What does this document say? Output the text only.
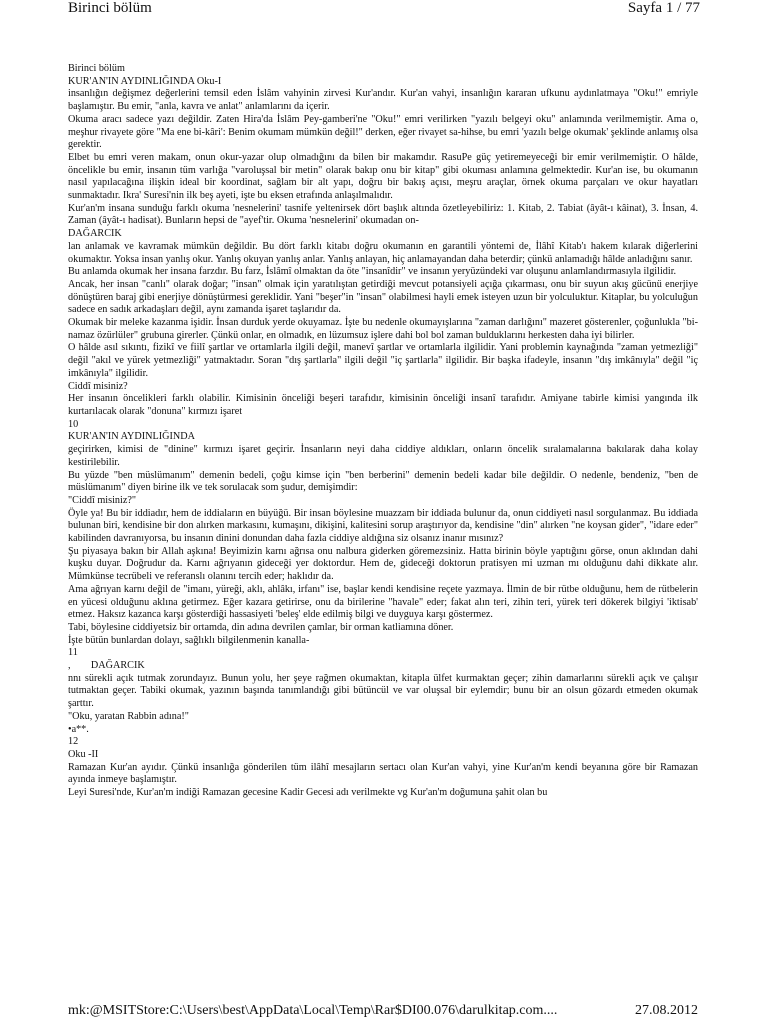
Birinci bölüm	Sayfa 1 / 77

Birinci bölüm

KUR'AN'IN AYDINLIĞINDA Oku-I

insanlığın değişmez değerlerini temsil eden İslâm vahyinin zirvesi Kur'andır. Kur'an vahyi, insanlığın kararan ufkunu aydınlatmaya "Oku!" emriyle başlamıştır. Bu emir, "anla, kavra ve anlat" anlamlarını da içerir.

Okuma aracı sadece yazı değildir. Zaten Hira'da İslâm Pey-gamberi'ne "Oku!" emri verilirken "yazılı belgeyi oku" anlamında verilmemiştir. Ama o, meşhur rivayete göre "Ma ene bi-kâri': Benim okumam mümkün değil!" derken, eğer rivayet sa-hihse, bu emri 'yazılı belge okumak' şeklinde anlamış olsa gerektir.

Elbet bu emri veren makam, onun okur-yazar olup olmadığını da bilen bir makamdır. RasuPe güç yetiremeyeceği bir emir verilmemiştir. O hâlde, öncelikle bu emir, insanın tüm varlığa "varoluşsal bir metin" olarak bakıp onu bir kitap" gibi okuması anlamına gelmektedir. Kur'an ise, bu okumanın nasıl yapılacağına ilişkin ideal bir koordinat, sağlam bir alt yapı, doğru bir bakış açısı, meşru araçlar, örnek okuma parçaları ve okur hayatları sunmaktadır. Ikra' Suresi'nin ilk beş ayeti, işte bu eksen etrafında anlaşılmalıdır.

Kur'an'm insana sunduğu farklı okuma 'nesnelerini' tasnife yeltenirsek dört başlık altında özetleyebiliriz: 1. Kitab, 2. Tabiat (âyât-ı kâinat), 3. İnsan, 4. Zaman (âyât-ı hadisat). Bunların hepsi de "ayef'tir. Okuma 'nesnelerini' okumadan on-

DAĞARCIK

lan anlamak ve kavramak mümkün değildir. Bu dört farklı kitabı doğru okumanın en garantili yöntemi de, İlâhî Kitab'ı hakem kılarak diğerlerini okumaktır. Yoksa insan yanlış okur. Yanlış okuyan yanlış anlar. Yanlış anlayan, hiç anlamayandan daha beterdir; çünkü anlamadığı hâlde anladığını sanır.

Bu anlamda okumak her insana farzdır. Bu farz, İslâmî olmaktan da öte "insanîdir" ve insanın yeryüzündeki var oluşunu anlamlandırmasıyla ilgilidir.

Ancak, her insan "canlı" olarak doğar; "insan" olmak için yaratılıştan getirdiği mevcut potansiyeli açığa çıkarması, onu bir suyun akış gücünü enerjiye dönüştüren baraj gibi enerjiye dönüştürmesi gereklidir. Yani "beşer"in "insan" olabilmesi hayli emek isteyen uzun bir yolculuktur. Kitaplar, bu yolculuğun sadece en sadık arkadaşları değil, aynı zamanda işaret taşlarıdır da.

Okumak bir meleke kazanma işidir. İnsan durduk yerde okuyamaz. İşte bu nedenle okumayışlarına "zaman darlığını" mazeret gösterenler, çoğunlukla "bi-namaz özürlüler" grubuna girerler. Çünkü onlar, en olmadık, en lüzumsuz işlere dahi bol bol zaman bulduklarını herkesten daha iyi bilirler.

O hâlde asıl sıkıntı, fizikî ve fiilî şartlar ve ortamlarla ilgili değil, manevî şartlar ve ortamlarla ilgilidir. Yani problemin kaynağında "zaman yetmezliği" değil "akıl ve yürek yetmezliği" yatmaktadır. Soran "dış şartlarla" ilgili değil "iç şartlarla" ilgilidir. Bir başka ifadeyle, insanın "dış imkânıyla" değil "iç imkânıyla" ilgilidir.

Ciddî misiniz?

Her insanın öncelikleri farklı olabilir. Kimisinin önceliği beşeri tarafıdır, kimisinin önceliği insanî tarafıdır. Amiyane tabirle kimisi yangında ilk kurtarılacak olarak "donuna" kırmızı işaret

10

KUR'AN'IN AYDINLIĞINDA

geçirirken, kimisi de "dinine" kırmızı işaret geçirir. İnsanların neyi daha ciddiye aldıkları, onların öncelik sıralamalarına bakılarak daha kolay kestirilebilir.

Bu yüzde "ben müslümanım" demenin bedeli, çoğu kimse için "ben berberini" demenin bedeli kadar bile değildir. O nedenle, bendeniz, "ben de müslümanım" diyen birine ilk ve tek sorulacak som şudur, demişimdir:

"Ciddî misiniz?"

Öyle ya! Bu bir iddiadır, hem de iddiaların en büyüğü. Bir insan böylesine muazzam bir iddiada bulunur da, onun ciddiyeti nasıl sorgulanmaz. Bu iddiada bulunan biri, kendisine bir don alırken markasını, kumaşını, dikişini, kalitesini sorup araştırıyor da, kendisine "din" alırken "ne koysan gider", "idare eder" kabilinden davranıyorsa, bu insanın dinini donundan daha fazla ciddiye aldığına siz olsanız inanır mısınız?

Şu piyasaya bakın bir Allah aşkına! Beyimizin karnı ağrısa onu nalbura giderken göremezsiniz. Hatta birinin böyle yaptığını görse, onun aklından dahi kuşku duyar. Doğrudur da. Karnı ağrıyanın gideceği yer doktordur. Hem de, gideceği doktorun pratisyen mi uzman mı olduğunu dahi dikkate alır. Mümkünse tecrübeli ve referanslı olanını tercih eder; haklıdır da.

Ama ağrıyan karnı değil de "imanı, yüreği, aklı, ahlâkı, irfanı" ise, başlar kendi kendisine reçete yazmaya. İlmin de bir rütbe olduğunu, hem de rütbelerin en yücesi olduğunu aklına getirmez. Eğer kazara getirirse, onu da birilerine "havale" eder; fakat alın teri, zihin teri, yürek teri dökerek bilgiyi 'iktisab' etmez. Haksız kazanca karşı gösterdiği hassasiyeti 'beleş' elde edilmiş bilgi ve duyguya karşı göstermez.

Tabi, böylesine ciddiyetsiz bir ortamda, din adına devrilen çamlar, bir orman katliamına döner.

İşte bütün bunlardan dolayı, sağlıklı bilgilenmenin kanalla-

11

,        DAĞARCIK

nnı sürekli açık tutmak zorundayız. Bunun yolu, her şeye rağmen okumaktan, kitapla ülfet kurmaktan geçer; zihin damarlarını sürekli açık ve çalışır tutmaktan geçer. Tabiki okumak, yazının başında tanımlandığı gibi bütüncül ve var oluşsal bir eylemdir; bunu bir an olsun gözardı etmeden okumak şarttır.

"Oku, yaratan Rabbin adına!"

•a**.

12

Oku -II

Ramazan Kur'an ayıdır. Çünkü insanlığa gönderilen tüm ilâhî mesajların sertacı olan Kur'an vahyi, yine Kur'an'm kendi beyanına göre bir Ramazan ayında inmeye başlamıştır.

Leyi Suresi'nde, Kur'an'm indiği Ramazan gecesine Kadir Gecesi adı verilmekte vg Kur'an'm doğumuna şahit olan bu

mk:@MSITStore:C:\Users\best\AppData\Local\Temp\Rar$DI00.076\darulkitap.com....	27.08.2012
